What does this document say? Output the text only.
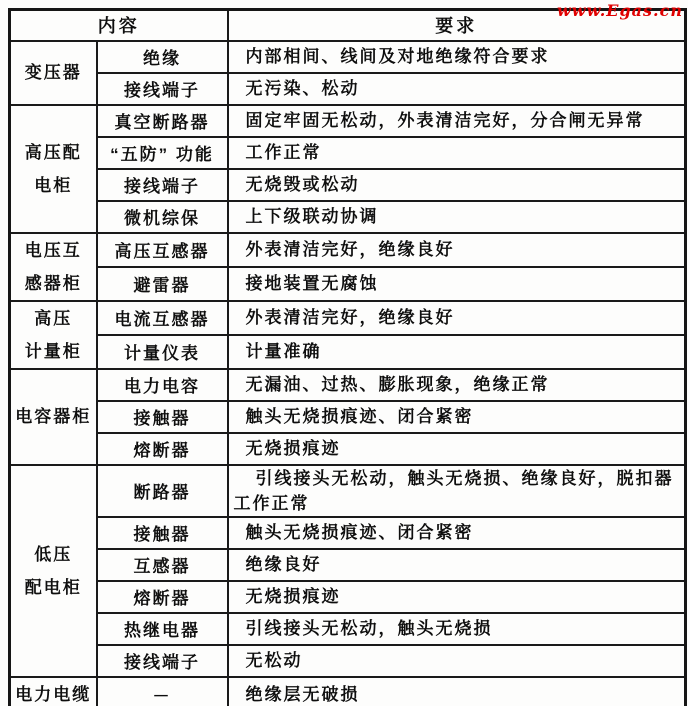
www.Egas.cn
内容		要求

变压器	绝缘	内部相间、线间及对地绝缘符合要求
	接线端子	无污染、松动

高压配
电柜	真空断路器	固定牢固无松动，外表清洁完好，分合闸无异常
	“五防” 功能	工作正常
	接线端子	无烧毁或松动
	微机综保	上下级联动协调

电压互
感器柜	高压互感器	外表清洁完好，绝缘良好
	避雷器	接地装置无腐蚀

高压
计量柜	电流互感器	外表清洁完好，绝缘良好
	计量仪表	计量准确

电容器柜	电力电容	无漏油、过热、膨胀现象，绝缘正常
	接触器	触头无烧损痕迹、闭合紧密
	熔断器	无烧损痕迹

低压
配电柜	断路器	引线接头无松动，触头无烧损、绝缘良好，脱扣器工作正常
	接触器	触头无烧损痕迹、闭合紧密
	互感器	绝缘良好
	熔断器	无烧损痕迹
	热继电器	引线接头无松动，触头无烧损
	接线端子	无松动

电力电缆	－	绝缘层无破损
